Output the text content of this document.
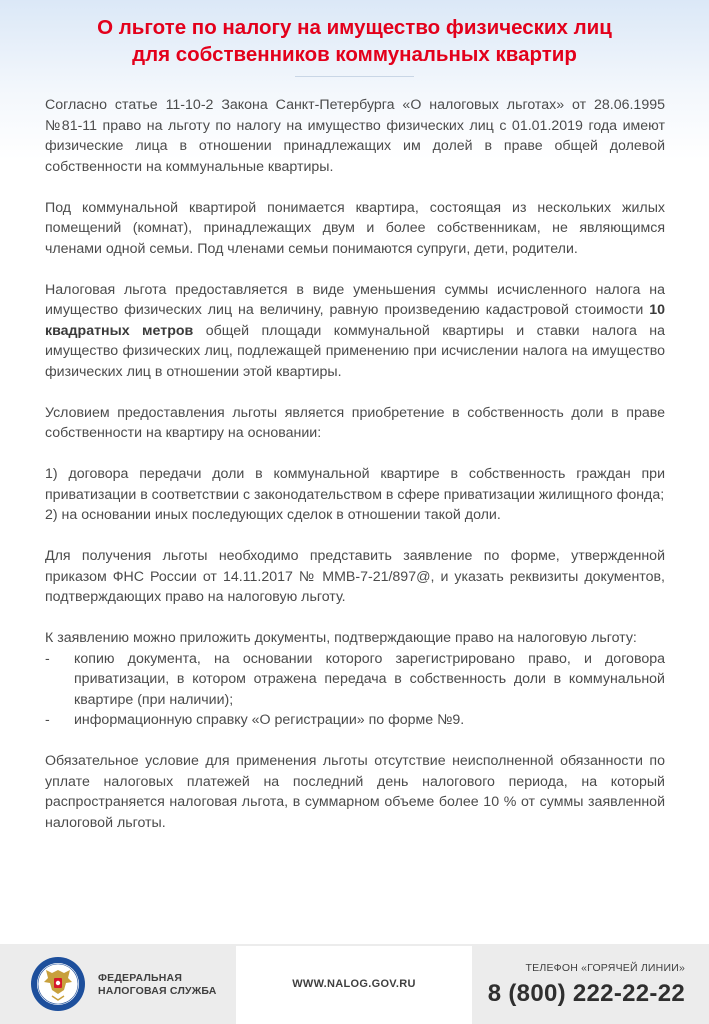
О льготе по налогу на имущество физических лиц
для собственников коммунальных квартир

Согласно статье 11-10-2 Закона Санкт-Петербурга «О налоговых льготах» от 28.06.1995 №81-11 право на льготу по налогу на имущество физических лиц с 01.01.2019 года имеют физические лица в отношении принадлежащих им долей в праве общей долевой собственности на коммунальные квартиры.

Под коммунальной квартирой понимается квартира, состоящая из нескольких жилых помещений (комнат), принадлежащих двум и более собственникам, не являющимся членами одной семьи. Под членами семьи понимаются супруги, дети, родители.

Налоговая льгота предоставляется в виде уменьшения суммы исчисленного налога на имущество физических лиц на величину, равную произведению кадастровой стоимости 10 квадратных метров общей площади коммунальной квартиры и ставки налога на имущество физических лиц, подлежащей применению при исчислении налога на имущество физических лиц в отношении этой квартиры.

Условием предоставления льготы является приобретение в собственность доли в праве собственности на квартиру на основании:

1) договора передачи доли в коммунальной квартире в собственность граждан при приватизации в соответствии с законодательством в сфере приватизации жилищного фонда;

2) на основании иных последующих сделок в отношении такой доли.

Для получения льготы необходимо представить заявление по форме, утвержденной приказом ФНС России от 14.11.2017 № ММВ-7-21/897@, и указать реквизиты документов, подтверждающих право на налоговую льготу.

К заявлению можно приложить документы, подтверждающие право на налоговую льготу:

-	копию документа, на основании которого зарегистрировано право, и договора приватизации, в котором отражена передача в собственность доли в коммунальной квартире (при наличии);
-	информационную справку «О регистрации» по форме №9.

Обязательное условие для применения льготы отсутствие неисполненной обязанности по уплате налоговых платежей на последний день налогового периода, на который распространяется налоговая льгота, в суммарном объеме более 10 % от суммы заявленной налоговой льготы.

ФЕДЕРАЛЬНАЯ
НАЛОГОВАЯ СЛУЖБА
WWW.NALOG.GOV.RU
ТЕЛЕФОН «ГОРЯЧЕЙ ЛИНИИ»
8 (800) 222-22-22
